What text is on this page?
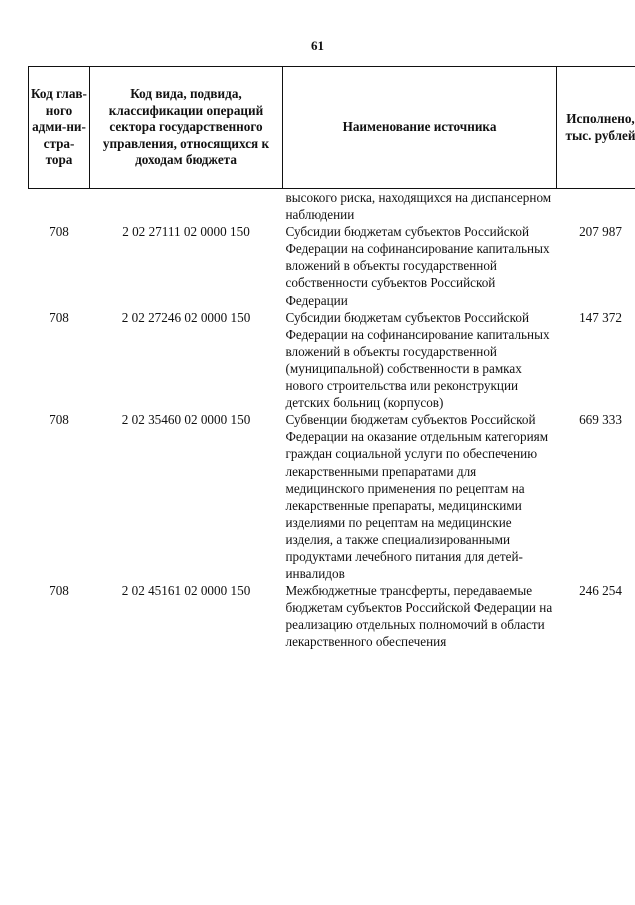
61
Код глав-ного адми-ни-стра-тора	Код вида, подвида, классификации операций сектора государственного управления, относящихся к доходам бюджета	Наименование источника	Исполнено, тыс. рублей
		высокого риска, находящихся на диспансерном наблюдении	
708	2 02 27111 02 0000 150	Субсидии бюджетам субъектов Российской Федерации на софинансирование капитальных вложений в объекты государственной собственности субъектов Российской Федерации	207 987
708	2 02 27246 02 0000 150	Субсидии бюджетам субъектов Российской Федерации на софинансирование капитальных вложений в объекты государственной (муниципальной) собственности в рамках нового строительства или реконструкции детских больниц (корпусов)	147 372
708	2 02 35460 02 0000 150	Субвенции бюджетам субъектов Российской Федерации на оказание отдельным категориям граждан социальной услуги по обеспечению лекарственными препаратами для медицинского применения по рецептам на лекарственные препараты, медицинскими изделиями по рецептам на медицинские изделия, а также специализированными продуктами лечебного питания для детей-инвалидов	669 333
708	2 02 45161 02 0000 150	Межбюджетные трансферты, передаваемые бюджетам субъектов Российской Федерации на реализацию отдельных полномочий в области лекарственного обеспечения	246 254
